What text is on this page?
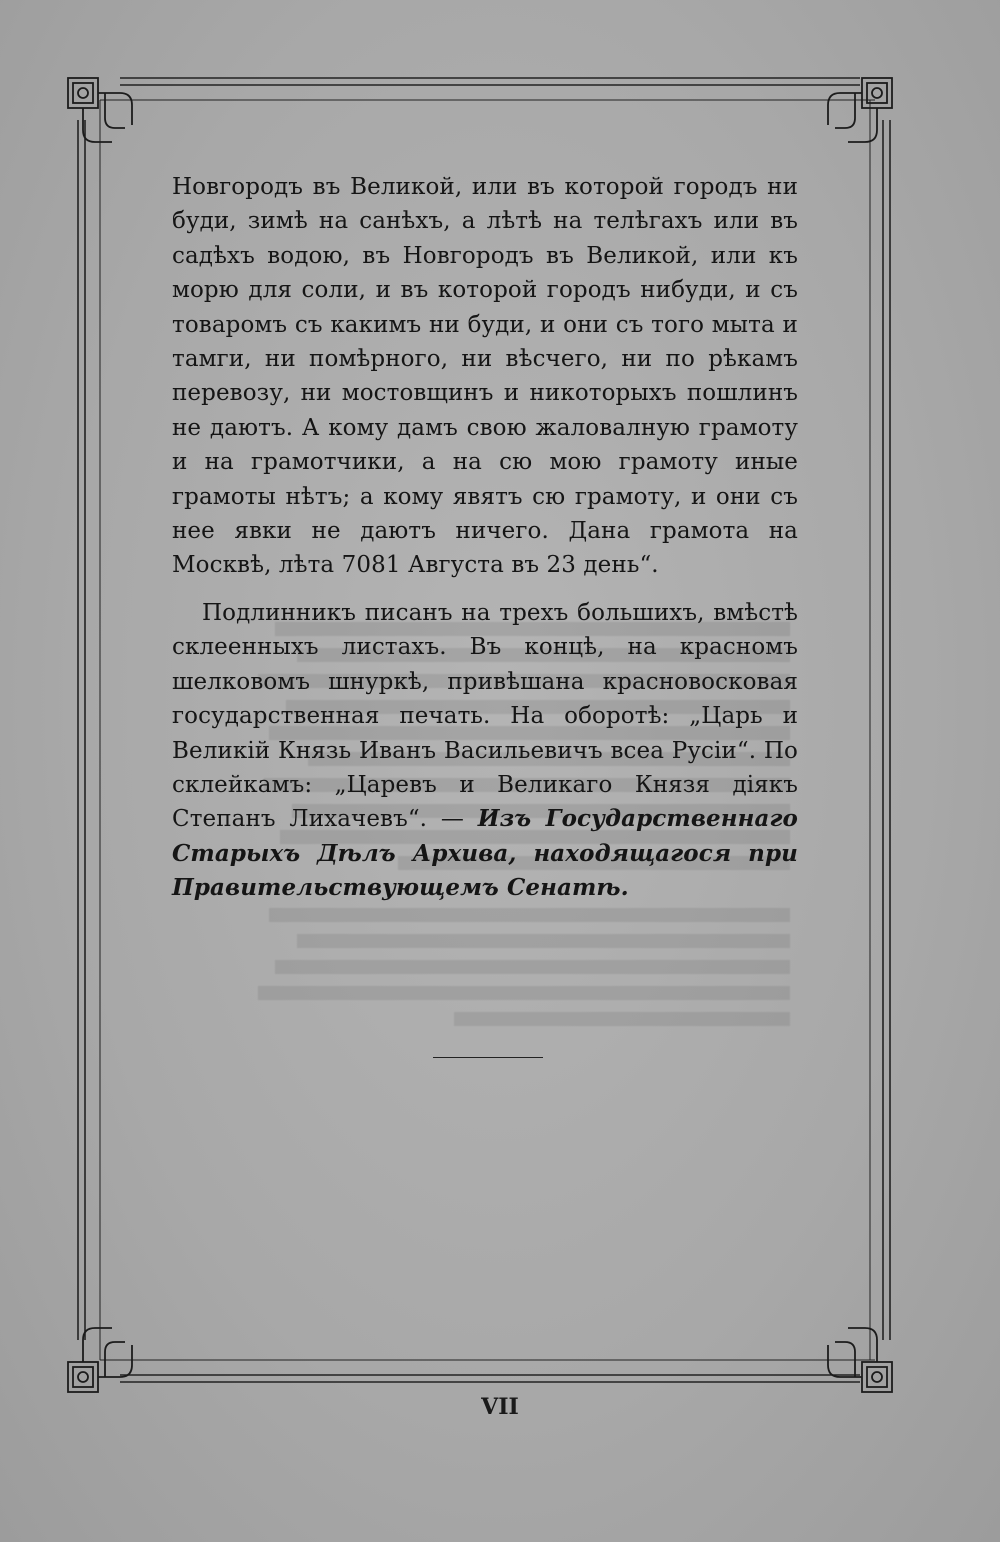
Новгородъ въ Великой, или въ которой городъ ни буди, зимѣ на санѣхъ, а лѣтѣ на телѣгахъ или въ садѣхъ водою, въ Новгородъ въ Великой, или къ морю для соли, и въ которой городъ нибуди, и съ товаромъ съ какимъ ни буди, и они съ того мыта и тамги, ни помѣрного, ни вѣсчего, ни по рѣкамъ перевозу, ни мостовщинъ и никоторыхъ пошлинъ не даютъ. А кому дамъ свою жаловалную грамоту и на грамотчики, а на сю мою грамоту иные грамоты нѣтъ; а кому явятъ сю грамоту, и они съ нее явки не даютъ ничего. Дана грамота на Москвѣ, лѣта 7081 Августа въ 23 день“.

Подлинникъ писанъ на трехъ большихъ, вмѣстѣ склеенныхъ листахъ. Въ концѣ, на красномъ шелковомъ шнуркѣ, привѣшана красновосковая государственная печать. На оборотѣ: „Царь и Великій Князь Иванъ Васильевичъ всеа Русіи“. По склейкамъ: „Царевъ и Великаго Князя діякъ Степанъ Лихачевъ“. — Изъ Государственнаго Старыхъ Дѣлъ Архива, находящагося при Правительствующемъ Сенатѣ.

VII
